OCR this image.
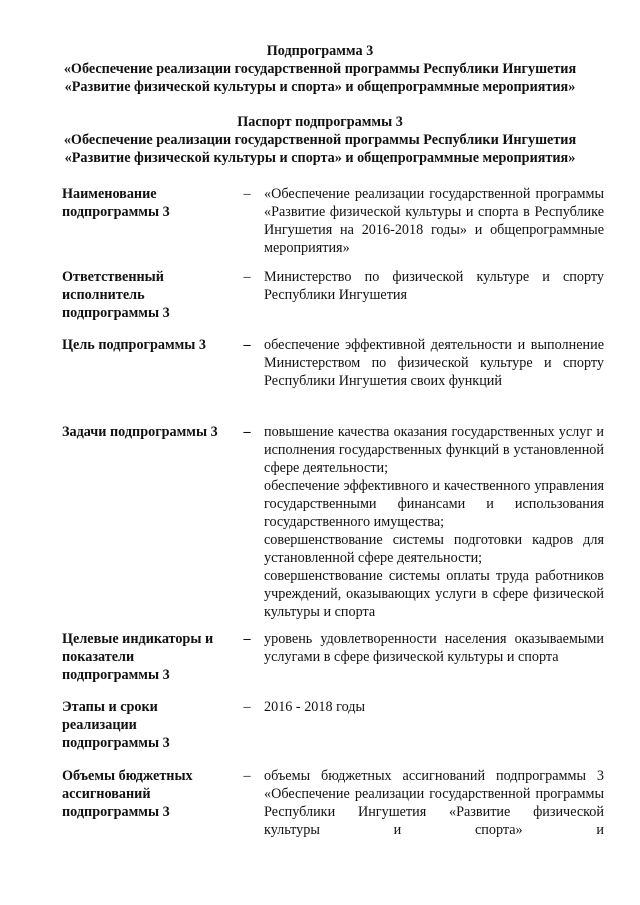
Подпрограмма 3
«Обеспечение реализации государственной программы Республики Ингушетия
«Развитие физической культуры и спорта» и общепрограммные мероприятия»
Паспорт подпрограммы 3
«Обеспечение реализации государственной программы Республики Ингушетия
«Развитие физической культуры и спорта» и общепрограммные мероприятия»
Наименование подпрограммы 3
– «Обеспечение реализации государственной программы «Развитие физической культуры и спорта в Республике Ингушетия на 2016-2018 годы» и общепрограммные мероприятия»

Ответственный исполнитель подпрограммы 3
– Министерство по физической культуре и спорту Республики Ингушетия

Цель подпрограммы 3	– обеспечение эффективной деятельности и выполнение Министерством по физической культуре и спорту Республики Ингушетия своих функций

Задачи подпрограммы 3	– повышение качества оказания государственных услуг и исполнения государственных функций в установленной сфере деятельности;

обеспечение эффективного и качественного управления государственными финансами и использования государственного имущества;

совершенствование системы подготовки кадров для установленной сфере деятельности;

совершенствование системы оплаты труда работников учреждений, оказывающих услуги в сфере физической культуры и спорта

Целевые индикаторы и показатели подпрограммы 3
– уровень удовлетворенности населения оказываемыми услугами в сфере физической культуры и спорта

Этапы и сроки реализации подпрограммы 3
– 2016 - 2018 годы

Объемы бюджетных ассигнований подпрограммы 3
– объемы бюджетных ассигнований подпрограммы 3 «Обеспечение реализации государственной программы Республики Ингушетия «Развитие физической культуры и спорта» и
